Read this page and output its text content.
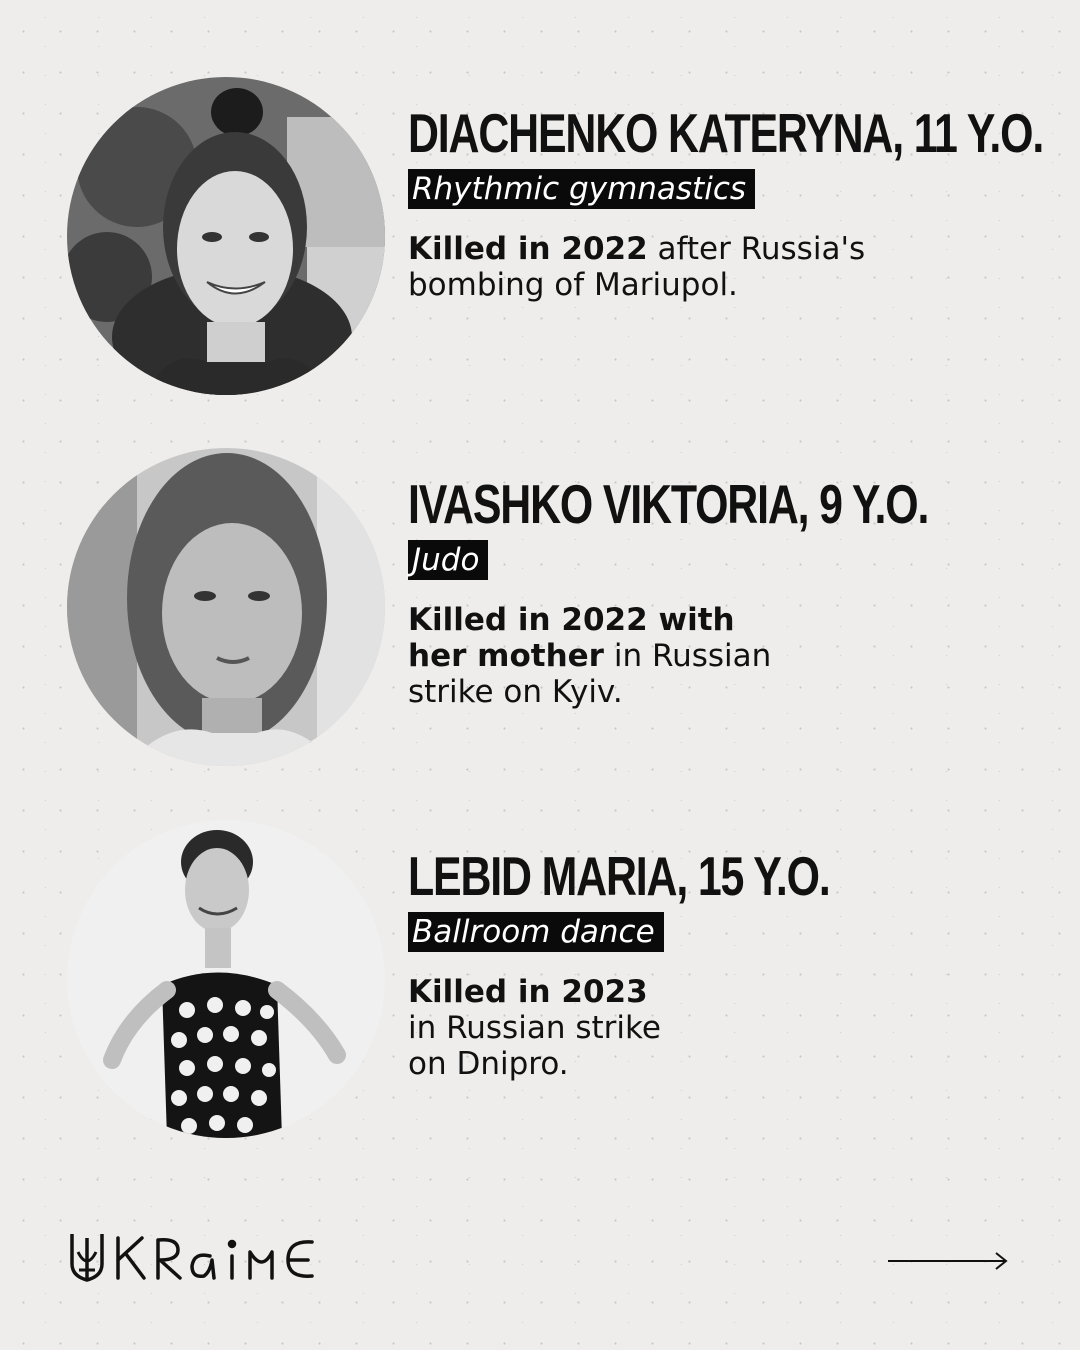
DIACHENKO KATERYNA, 11 Y.O.
Rhythmic gymnastics
Killed in 2022 after Russia's
bombing of Mariupol.
IVASHKO VIKTORIA, 9 Y.O.
Judo
Killed in 2022 with
her mother in Russian
strike on Kyiv.
LEBID MARIA, 15 Y.O.
Ballroom dance
Killed in 2023
in Russian strike
on Dnipro.
